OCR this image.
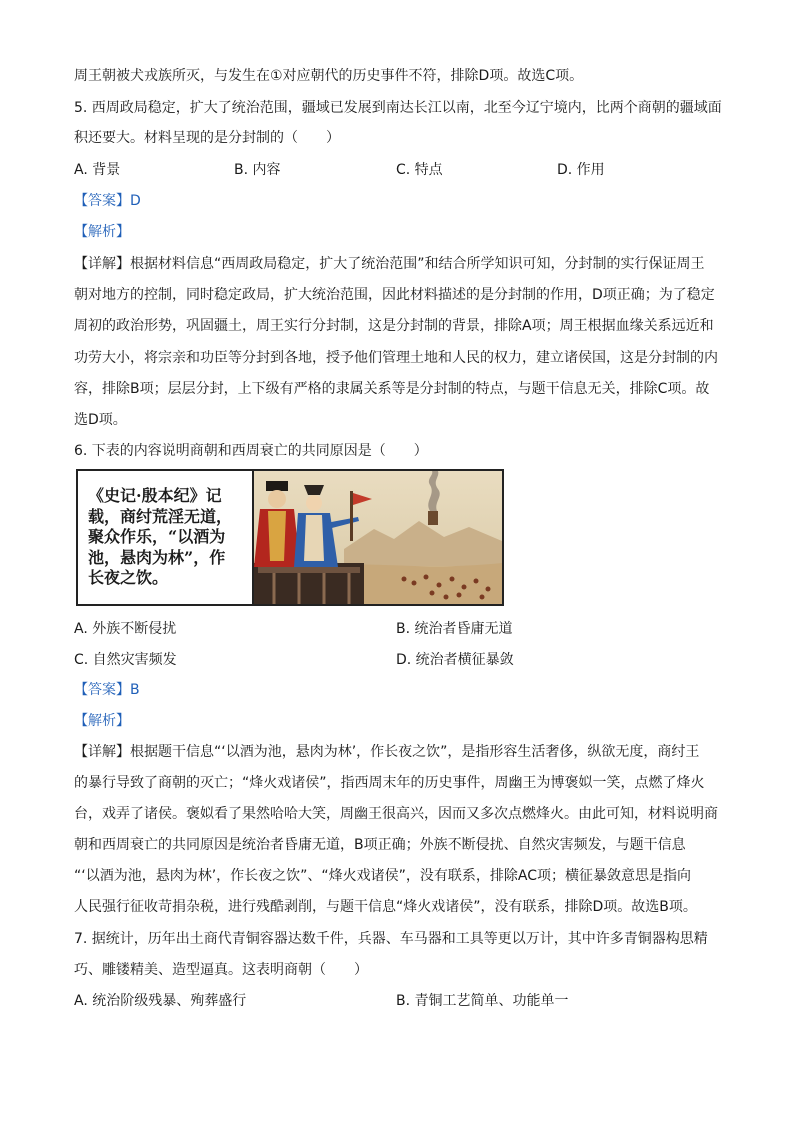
周王朝被犬戎族所灭，与发生在①对应朝代的历史事件不符，排除D项。故选C项。
5. 西周政局稳定，扩大了统治范围，疆域已发展到南达长江以南，北至今辽宁境内，比两个商朝的疆域面
积还要大。材料呈现的是分封制的（　　）
A. 背景	B. 内容	C. 特点	D. 作用
【答案】D
【解析】
【详解】根据材料信息“西周政局稳定，扩大了统治范围”和结合所学知识可知，分封制的实行保证周王
朝对地方的控制，同时稳定政局，扩大统治范围，因此材料描述的是分封制的作用，D项正确；为了稳定
周初的政治形势，巩固疆土，周王实行分封制，这是分封制的背景，排除A项；周王根据血缘关系远近和
功劳大小，将宗亲和功臣等分封到各地，授予他们管理土地和人民的权力，建立诸侯国，这是分封制的内
容，排除B项；层层分封，上下级有严格的隶属关系等是分封制的特点，与题干信息无关，排除C项。故
选D项。
6. 下表的内容说明商朝和西周衰亡的共同原因是（　　）
《史记·殷本纪》记
载，商纣荒淫无道，
聚众作乐，“以酒为
池，悬肉为林”，作
长夜之饮。
A. 外族不断侵扰	B. 统治者昏庸无道
C. 自然灾害频发	D. 统治者横征暴敛
【答案】B
【解析】
【详解】根据题干信息“‘以酒为池，悬肉为林’，作长夜之饮”，是指形容生活奢侈，纵欲无度，商纣王
的暴行导致了商朝的灭亡；“烽火戏诸侯”，指西周末年的历史事件，周幽王为博褒姒一笑，点燃了烽火
台，戏弄了诸侯。褒姒看了果然哈哈大笑，周幽王很高兴，因而又多次点燃烽火。由此可知，材料说明商
朝和西周衰亡的共同原因是统治者昏庸无道，B项正确；外族不断侵扰、自然灾害频发，与题干信息
“‘以酒为池，悬肉为林’，作长夜之饮”、“烽火戏诸侯”，没有联系，排除AC项；横征暴敛意思是指向
人民强行征收苛捐杂税，进行残酷剥削，与题干信息“烽火戏诸侯”，没有联系，排除D项。故选B项。
7. 据统计，历年出土商代青铜容器达数千件，兵器、车马器和工具等更以万计，其中许多青铜器构思精
巧、雕镂精美、造型逼真。这表明商朝（　　）
A. 统治阶级残暴、殉葬盛行	B. 青铜工艺简单、功能单一
